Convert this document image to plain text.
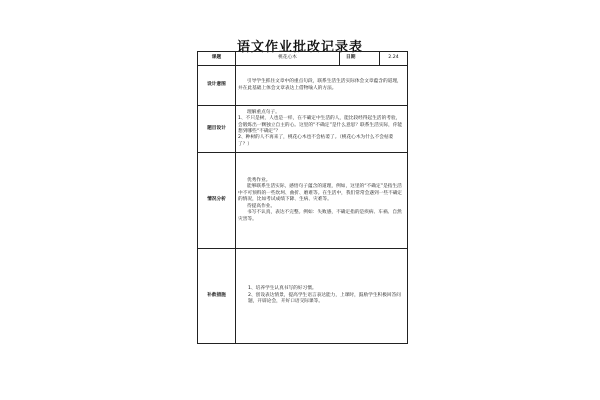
语文作业批改记录表
课题	桃花心木	日期	2.24
设计意图	引导学生抓住文章中的重点句段，联系生活生活实际体会文章蕴含的道理，并在此基础上体会文章表达上借物喻人的方法。		

题目设计	理解重点句子。
1、不只是树，人也是一样，在不确定中生活的人，能比较经得起生活的考验，会锻炼出一颗独立自主的心。这里的“不确定”是什么意思？联系生活实际，你能想到哪些“不确定”？
2、种树的人不再来了，桃花心木也不会枯萎了。（桃花心木为什么不会枯萎了？）		

情况分析	优秀作业。
能够联系生活实际，感悟句子蕴含的道理，例如，这里的“不确定”是指生活中不可预料的一些坎坷、曲折、磨难等。在生活中，我们常常会遇到一些不确定的情况，比如考试成绩下降、生病、灾难等。
待提高作业。
书写不认真，表达不完整。例如：失败感，不确定指的是疾病、车祸、自然灾害等。		

补救措施	1、培养学生认真书写的好习惯。
2、创设表达情景，提高学生语言表达能力，上课时，鼓励学生积极回答问题，开辟论会，开好口语交际课等。		
